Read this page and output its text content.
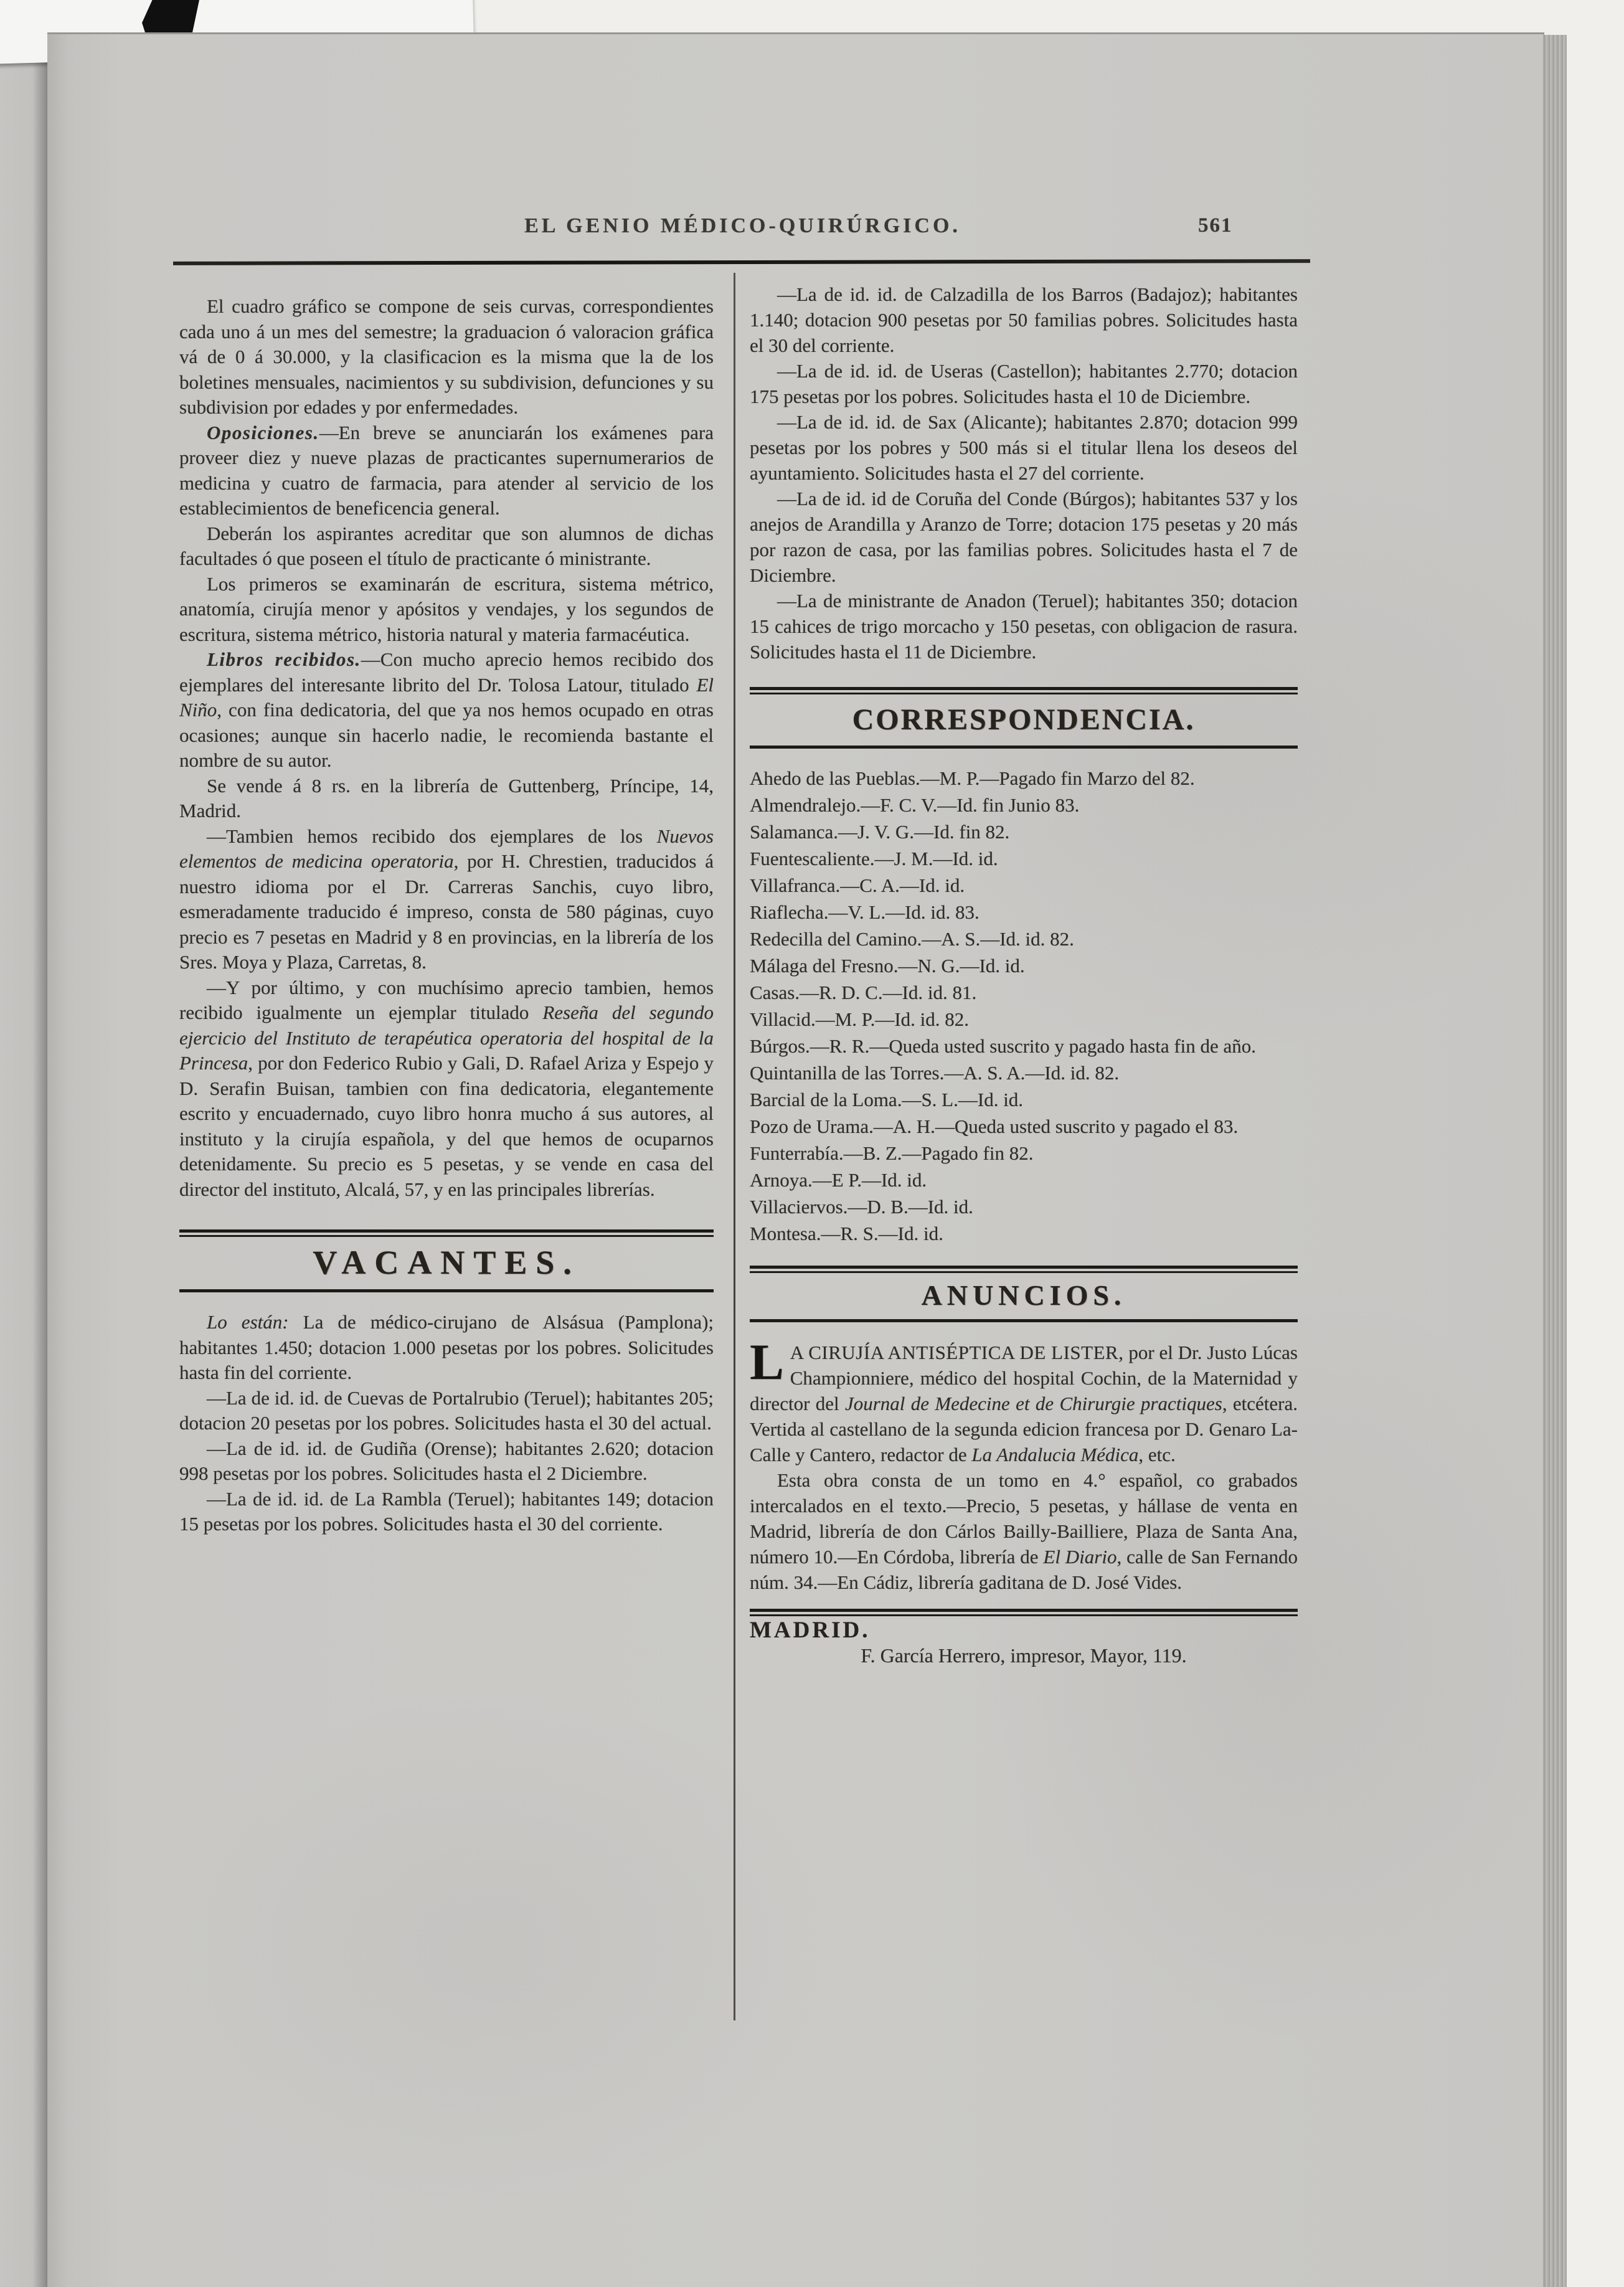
EL GENIO MÉDICO-QUIRÚRGICO.	561

El cuadro gráfico se compone de seis curvas, correspondientes cada uno á un mes del semestre; la graduacion ó valoracion gráfica vá de 0 á 30.000, y la clasificacion es la misma que la de los boletines mensuales, nacimientos y su subdivision, defunciones y su subdivision por edades y por enfermedades.

Oposiciones.—En breve se anunciarán los exámenes para proveer diez y nueve plazas de practicantes supernumerarios de medicina y cuatro de farmacia, para atender al servicio de los establecimientos de beneficencia general.

Deberán los aspirantes acreditar que son alumnos de dichas facultades ó que poseen el título de practicante ó ministrante.

Los primeros se examinarán de escritura, sistema métrico, anatomía, cirujía menor y apósitos y vendajes, y los segundos de escritura, sistema métrico, historia natural y materia farmacéutica.

Libros recibidos.—Con mucho aprecio hemos recibido dos ejemplares del interesante librito del Dr. Tolosa Latour, titulado El Niño, con fina dedicatoria, del que ya nos hemos ocupado en otras ocasiones; aunque sin hacerlo nadie, le recomienda bastante el nombre de su autor.

Se vende á 8 rs. en la librería de Guttenberg, Príncipe, 14, Madrid.

—Tambien hemos recibido dos ejemplares de los Nuevos elementos de medicina operatoria, por H. Chrestien, traducidos á nuestro idioma por el Dr. Carreras Sanchis, cuyo libro, esmeradamente traducido é impreso, consta de 580 páginas, cuyo precio es 7 pesetas en Madrid y 8 en provincias, en la librería de los Sres. Moya y Plaza, Carretas, 8.

—Y por último, y con muchísimo aprecio tambien, hemos recibido igualmente un ejemplar titulado Reseña del segundo ejercicio del Instituto de terapéutica operatoria del hospital de la Princesa, por don Federico Rubio y Gali, D. Rafael Ariza y Espejo y D. Serafin Buisan, tambien con fina dedicatoria, elegantemente escrito y encuadernado, cuyo libro honra mucho á sus autores, al instituto y la cirujía española, y del que hemos de ocuparnos detenidamente. Su precio es 5 pesetas, y se vende en casa del director del instituto, Alcalá, 57, y en las principales librerías.

VACANTES.

Lo están: La de médico-cirujano de Alsásua (Pamplona); habitantes 1.450; dotacion 1.000 pesetas por los pobres. Solicitudes hasta fin del corriente.

—La de id. id. de Cuevas de Portalrubio (Teruel); habitantes 205; dotacion 20 pesetas por los pobres. Solicitudes hasta el 30 del actual.

—La de id. id. de Gudiña (Orense); habitantes 2.620; dotacion 998 pesetas por los pobres. Solicitudes hasta el 2 Diciembre.

—La de id. id. de La Rambla (Teruel); habitantes 149; dotacion 15 pesetas por los pobres. Solicitudes hasta el 30 del corriente.

—La de id. id. de Calzadilla de los Barros (Badajoz); habitantes 1.140; dotacion 900 pesetas por 50 familias pobres. Solicitudes hasta el 30 del corriente.

—La de id. id. de Useras (Castellon); habitantes 2.770; dotacion 175 pesetas por los pobres. Solicitudes hasta el 10 de Diciembre.

—La de id. id. de Sax (Alicante); habitantes 2.870; dotacion 999 pesetas por los pobres y 500 más si el titular llena los deseos del ayuntamiento. Solicitudes hasta el 27 del corriente.

—La de id. id de Coruña del Conde (Búrgos); habitantes 537 y los anejos de Arandilla y Aranzo de Torre; dotacion 175 pesetas y 20 más por razon de casa, por las familias pobres. Solicitudes hasta el 7 de Diciembre.

—La de ministrante de Anadon (Teruel); habitantes 350; dotacion 15 cahices de trigo morcacho y 150 pesetas, con obligacion de rasura. Solicitudes hasta el 11 de Diciembre.

CORRESPONDENCIA.

Ahedo de las Pueblas.—M. P.—Pagado fin Marzo del 82.

Almendralejo.—F. C. V.—Id. fin Junio 83.

Salamanca.—J. V. G.—Id. fin 82.

Fuentescaliente.—J. M.—Id. id.

Villafranca.—C. A.—Id. id.

Riaflecha.—V. L.—Id. id. 83.

Redecilla del Camino.—A. S.—Id. id. 82.

Málaga del Fresno.—N. G.—Id. id.

Casas.—R. D. C.—Id. id. 81.

Villacid.—M. P.—Id. id. 82.

Búrgos.—R. R.—Queda usted suscrito y pagado hasta fin de año.

Quintanilla de las Torres.—A. S. A.—Id. id. 82.

Barcial de la Loma.—S. L.—Id. id.

Pozo de Urama.—A. H.—Queda usted suscrito y pagado el 83.

Funterrabía.—B. Z.—Pagado fin 82.

Arnoya.—E P.—Id. id.

Villaciervos.—D. B.—Id. id.

Montesa.—R. S.—Id. id.

ANUNCIOS.

L A CIRUJÍA ANTISÉPTICA DE LISTER, por el Dr. Justo Lúcas Championniere, médico del hospital Cochin, de la Maternidad y director del Journal de Medecine et de Chirurgie practiques, etcétera. Vertida al castellano de la segunda edicion francesa por D. Genaro La-Calle y Cantero, redactor de La Andalucia Médica, etc.

Esta obra consta de un tomo en 4.° español, co grabados intercalados en el texto.—Precio, 5 pesetas, y hállase de venta en Madrid, librería de don Cárlos Bailly-Bailliere, Plaza de Santa Ana, número 10.—En Córdoba, librería de El Diario, calle de San Fernando núm. 34.—En Cádiz, librería gaditana de D. José Vides.

MADRID.

F. García Herrero, impresor, Mayor, 119.
